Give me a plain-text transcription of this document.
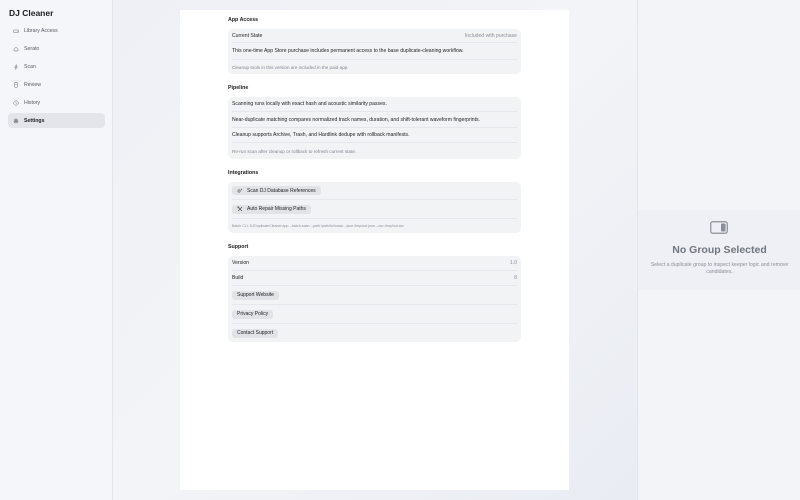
DJ Cleaner
Library Access
Serato
Scan
Review
History
Settings
App Access
Current State	Included with purchase
This one-time App Store purchase includes permanent access to the base duplicate-cleaning workflow.
Cleanup tools in this version are included in the paid app.
Pipeline
Scanning runs locally with exact hash and acoustic similarity passes.
Near-duplicate matching compares normalized track names, duration, and shift-tolerant waveform fingerprints.
Cleanup supports Archive, Trash, and Hardlink dedupe with rollback manifests.
Re-run scan after cleanup or rollback to refresh current state.
Integrations
Scan DJ Database References
Auto Repair Missing Paths
Batch CLI: DJDuplicateCleaner.app --batch-scan --path /path/to/music --json /tmp/out.json --csv /tmp/out.csv
Support
Version	1.0
Build	8
Support Website
Privacy Policy
Contact Support
No Group Selected
Select a duplicate group to inspect keeper logic and remove candidates.
